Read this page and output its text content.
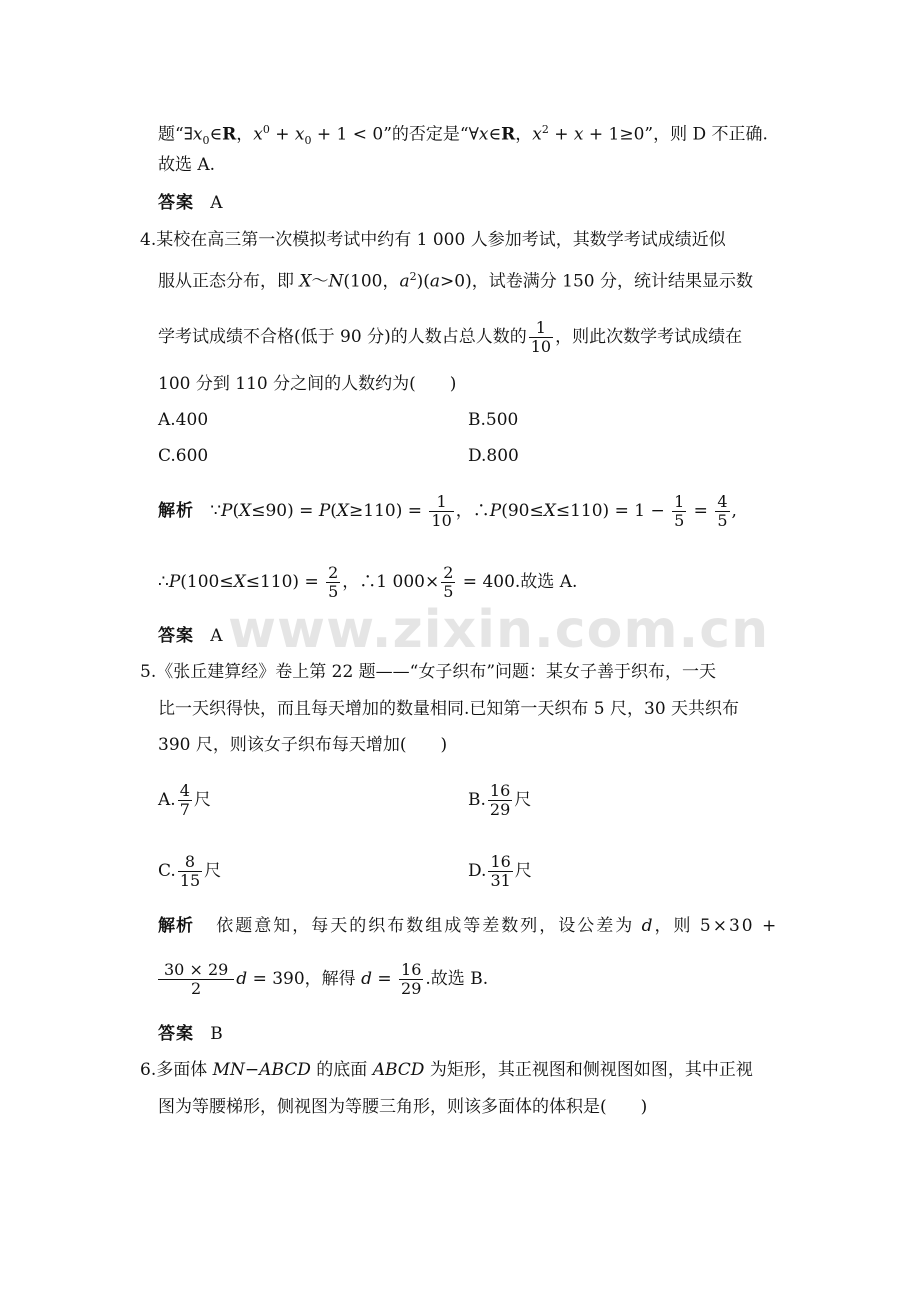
www.zixin.com.cn
题“$\exists x_0\in R$，$x^0 + x_0 + 1 < 0$”的否定是“∀x∈R，$x^2 + x + 1\ge 0$”，则 D 不正确.
故选 A.
答案 A
4.某校在高三第一次模拟考试中约有 1 000 人参加考试，其数学考试成绩近似
服从正态分布，即 X～N(100，$a^2)(a>0)$，试卷满分 150 分，统计结果显示数
学考试成绩不合格(低于 90 分)的人数占总人数的 $\frac{1}{10}$ ，则此次数学考试成绩在
100 分到 110 分之间的人数约为(　　)
A.400	B.500
C.600	D.800
解析 ∵P(X≤90) = $P(X\ge 110) = \frac{1}{10}$ ，∴P(90≤X≤110) = $1 - \frac{1}{5} = \frac{4}{5}$ ,
∴P(100≤X≤110) = $\frac{2}{5}$ ，∴1 $000\times \frac{2}{5} = 400$.故选 A.
答案 A
5.《张丘建算经》卷上第 22 题——“女子织布”问题：某女子善于织布，一天
比一天织得快，而且每天增加的数量相同.已知第一天织布 5 尺，30 天共织布
390 尺，则该女子织布每天增加(　　)
A. $\frac{4}{7}$ 尺	B. $\frac{16}{29}$ 尺
C. $\frac{8}{15}$ 尺	D. $\frac{16}{31}$ 尺
解析 依题意知，每天的织布数组成等差数列，设公差为 d，则 5×30 +
$\frac{30 \times 29}{2}$ d = 390，解得 $d = \frac{16}{29}$ .故选 B.
答案 B
6.多面体 MN−ABCD 的底面 ABCD 为矩形，其正视图和侧视图如图，其中正视
图为等腰梯形，侧视图为等腰三角形，则该多面体的体积是(　　)
